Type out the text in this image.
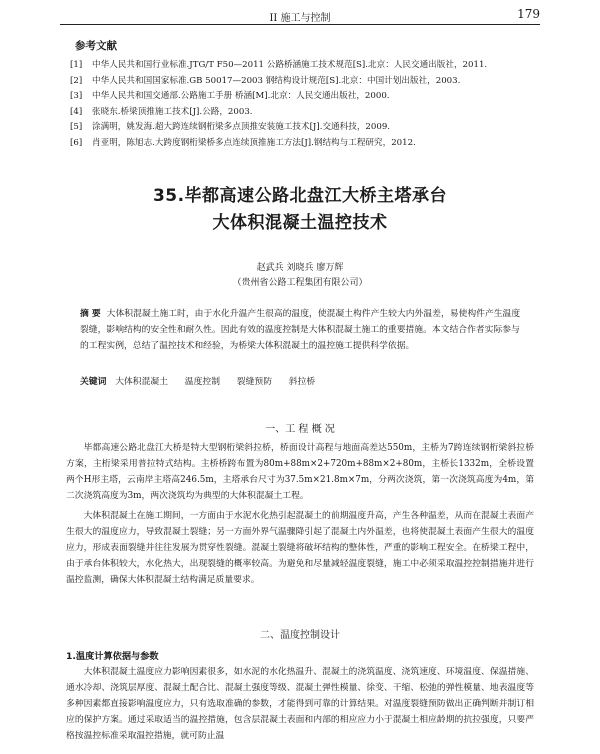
II 施工与控制	179
参考文献
[1]	中华人民共和国行业标准.JTG/T F50—2011 公路桥涵施工技术规范[S].北京：人民交通出版社，2011.
[2]	中华人民共和国国家标准.GB 50017—2003 钢结构设计规范[S].北京：中国计划出版社，2003.
[3]	中华人民共和国交通部.公路施工手册 桥涵[M].北京：人民交通出版社，2000.
[4]	张晓东.桥梁顶推施工技术[J].公路，2003.
[5]	涂满明，姚发海.超大跨连续钢桁梁多点顶推安装施工技术[J].交通科技，2009.
[6]	肖亚明，陈旭志.大跨度钢桁梁桥多点连续顶推施工方法[J].钢结构与工程研究，2012.
35.毕都高速公路北盘江大桥主塔承台
大体积混凝土温控技术
赵武兵 刘晓兵 廖万辉
（贵州省公路工程集团有限公司）
摘 要 大体积混凝土施工时，由于水化升温产生很高的温度，使混凝土构件产生较大内外温差，易使构件产生温度裂缝，影响结构的安全性和耐久性。因此有效的温度控制是大体积混凝土施工的重要措施。本文结合作者实际参与的工程实例，总结了温控技术和经验，为桥梁大体积混凝土的温控施工提供科学依据。
关键词 大体积混凝土 温度控制 裂缝预防 斜拉桥
一、工 程 概 况
毕都高速公路北盘江大桥是特大型钢桁梁斜拉桥，桥面设计高程与地面高差达550m，主桥为7跨连续钢桁梁斜拉桥方案，主桁梁采用普拉特式结构。主桥桥跨布置为80m+88m×2+720m+88m×2+80m，主桥长1332m，全桥设置两个H形主塔，云南岸主塔高246.5m，主塔承台尺寸为37.5m×21.8m×7m，分两次浇筑，第一次浇筑高度为4m，第二次浇筑高度为3m，两次浇筑均为典型的大体积混凝土工程。
大体积混凝土在施工期间，一方面由于水泥水化热引起混凝土的前期温度升高，产生各种温差，从而在混凝土表面产生很大的温度应力，导致混凝土裂缝；另一方面外界气温骤降引起了混凝土内外温差，也将使混凝土表面产生很大的温度应力，形成表面裂缝并往往发展为贯穿性裂缝。混凝土裂缝将破坏结构的整体性，严重的影响工程安全。在桥梁工程中，由于承台体积较大，水化热大，出现裂缝的概率较高。为避免和尽量减轻温度裂缝，施工中必须采取温控控制措施并进行温控监测，确保大体积混凝土结构满足质量要求。
二、温度控制设计
1.温度计算依据与参数
大体积混凝土温度应力影响因素很多，如水泥的水化热温升、混凝土的浇筑温度、浇筑速度、环境温度、保温措施、通水冷却、浇筑层厚度、混凝土配合比、混凝土强度等级、混凝土弹性模量、徐变、干缩、松弛的弹性模量、地表温度等多种因素都直接影响温度应力，只有选取准确的参数，才能得到可靠的计算结果。对温度裂缝预防做出正确判断并制订相应的保护方案。通过采取适当的温控措施，包含层混凝土表面和内部的相应应力小于混凝土相应龄期的抗拉强度，只要严格按温控标准采取温控措施，就可防止温
